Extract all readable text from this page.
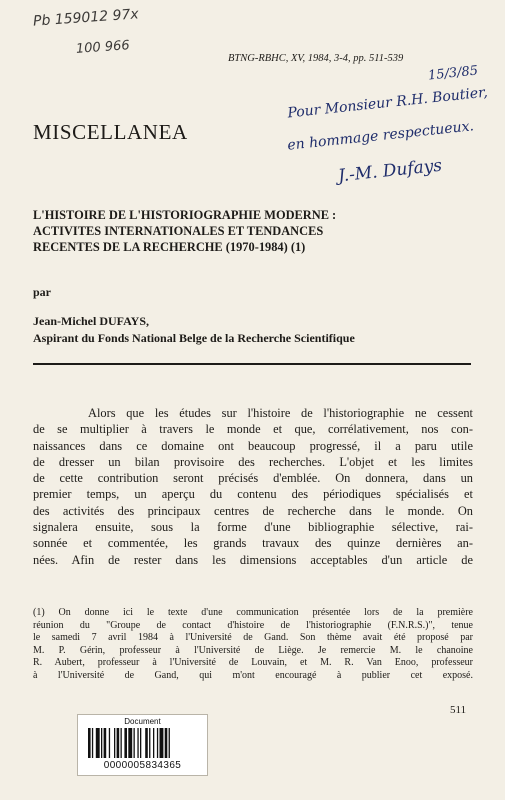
Pb 159012 97x
100 966
BTNG-RBHC, XV, 1984, 3-4, pp. 511-539
15/3/85
Pour Monsieur R.H. Boutier,
en hommage respectueux.
J.-M. Dufays
MISCELLANEA
L'HISTOIRE DE L'HISTORIOGRAPHIE MODERNE :
ACTIVITES INTERNATIONALES ET TENDANCES
RECENTES DE LA RECHERCHE (1970-1984) (1)
par
Jean-Michel DUFAYS,
Aspirant du Fonds National Belge de la Recherche Scientifique
Alors que les études sur l'histoire de l'historiographie ne cessent
de se multiplier à travers le monde et que, corrélativement, nos con-
naissances dans ce domaine ont beaucoup progressé, il a paru utile
de dresser un bilan provisoire des recherches. L'objet et les limites
de cette contribution seront précisés d'emblée. On donnera, dans un
premier temps, un aperçu du contenu des périodiques spécialisés et
des activités des principaux centres de recherche dans le monde. On
signalera ensuite, sous la forme d'une bibliographie sélective, rai-
sonnée et commentée, les grands travaux des quinze dernières an-
nées. Afin de rester dans les dimensions acceptables d'un article de
(1) On donne ici le texte d'une communication présentée lors de la première
réunion du "Groupe de contact d'histoire de l'historiographie (F.N.R.S.)", tenue
le samedi 7 avril 1984 à l'Université de Gand. Son thème avait été proposé par
M. P. Gérin, professeur à l'Université de Liège. Je remercie M. le chanoine
R. Aubert, professeur à l'Université de Louvain, et M. R. Van Enoo, professeur
à l'Université de Gand, qui m'ont encouragé à publier cet exposé.
511
Document
0000005834365
